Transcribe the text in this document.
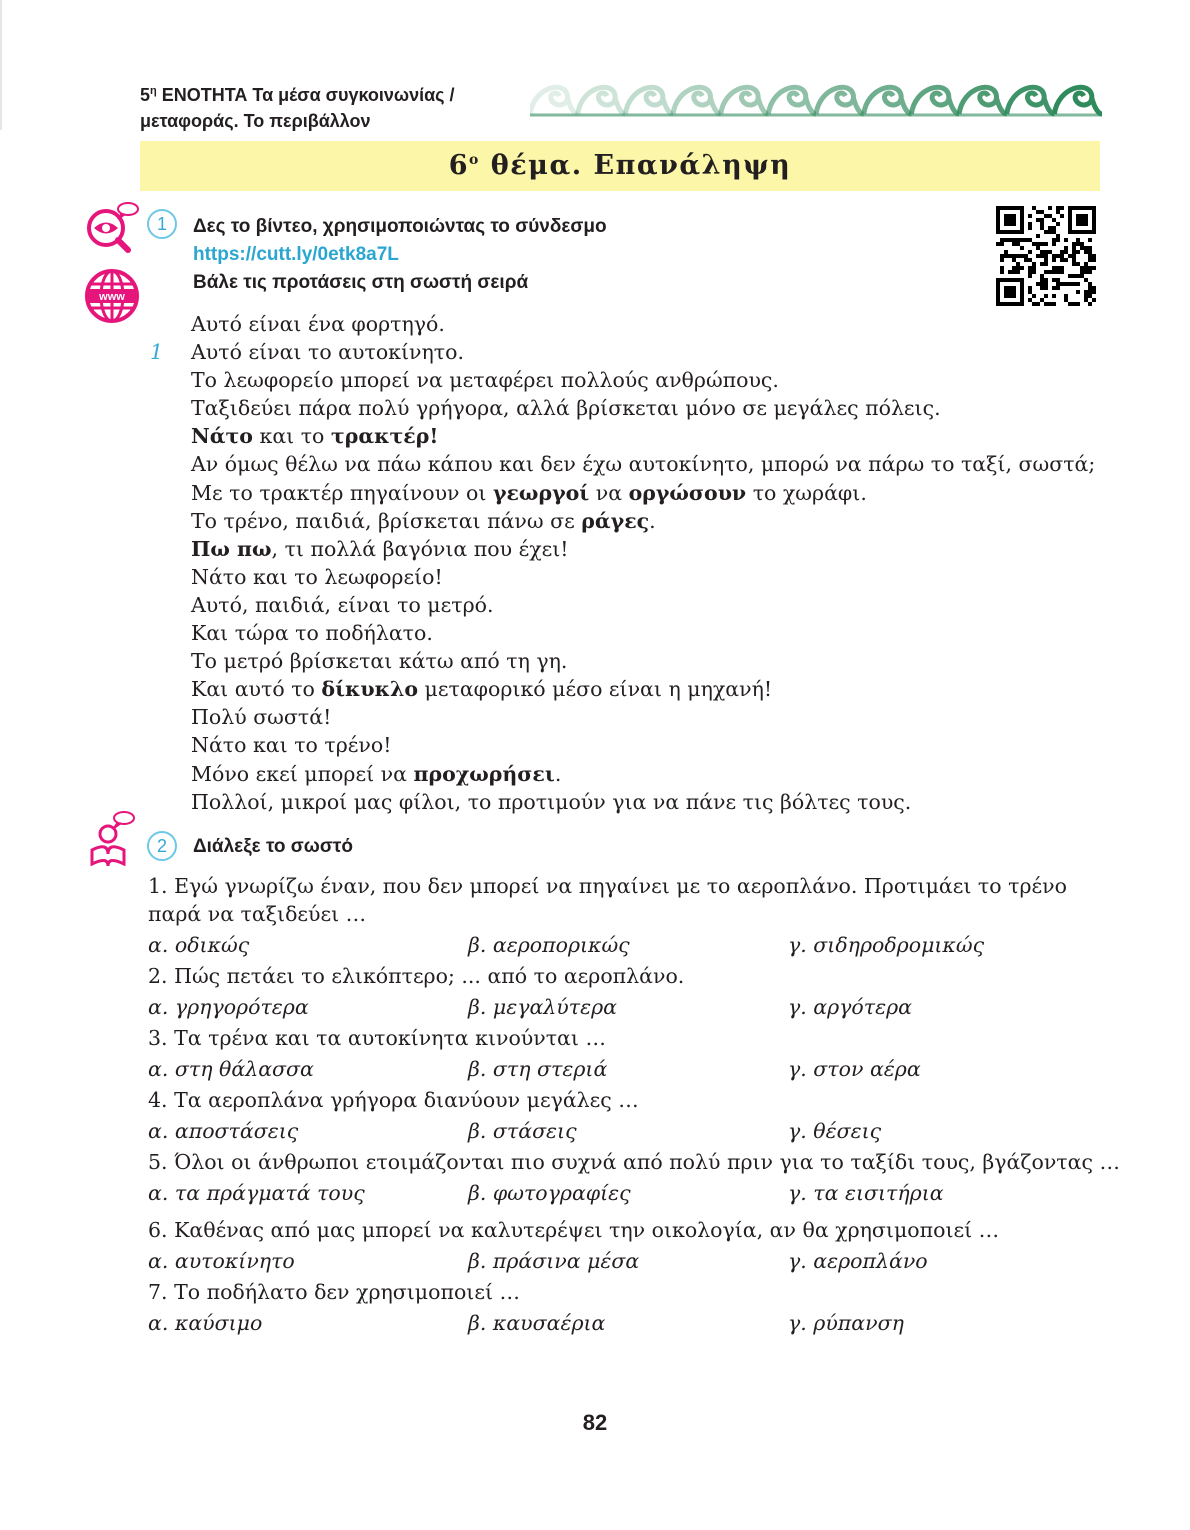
$5^\eta$ ΕΝΟΤΗΤΑ Τα μέσα συγκοινωνίας /
μεταφοράς. Το περιβάλλον
$6^o$ θέμα. Επανάληψη
www
1	Δες το βίντεο, χρησιμοποιώντας το σύνδεσμο
https://cutt.ly/0etk8a7L
Βάλε τις προτάσεις στη σωστή σειρά
1
Αυτό είναι ένα φορτηγό.
Αυτό είναι το αυτοκίνητο.
Το λεωφορείο μπορεί να μεταφέρει πολλούς ανθρώπους.
Ταξιδεύει πάρα πολύ γρήγορα, αλλά βρίσκεται μόνο σε μεγάλες πόλεις.
Νάτο και το τρακτέρ!
Αν όμως θέλω να πάω κάπου και δεν έχω αυτοκίνητο, μπορώ να πάρω το ταξί, σωστά;
Με το τρακτέρ πηγαίνουν οι γεωργοί να οργώσουν το χωράφι.
Το τρένο, παιδιά, βρίσκεται πάνω σε ράγες.
Πω πω, τι πολλά βαγόνια που έχει!
Νάτο και το λεωφορείο!
Αυτό, παιδιά, είναι το μετρό.
Και τώρα το ποδήλατο.
Το μετρό βρίσκεται κάτω από τη γη.
Και αυτό το δίκυκλο μεταφορικό μέσο είναι η μηχανή!
Πολύ σωστά!
Νάτο και το τρένο!
Μόνο εκεί μπορεί να προχωρήσει.
Πολλοί, μικροί μας φίλοι, το προτιμούν για να πάνε τις βόλτες τους.
2	Διάλεξε το σωστό
1. Εγώ γνωρίζω έναν, που δεν μπορεί να πηγαίνει με το αεροπλάνο. Προτιμάει το τρένο παρά να ταξιδεύει …
α. οδικώς	β. αεροπορικώς	γ. σιδηροδρομικώς
2. Πώς πετάει το ελικόπτερο; ... από το αεροπλάνο.
α. γρηγορότερα	β. μεγαλύτερα	γ. αργότερα
3. Τα τρένα και τα αυτοκίνητα κινούνται …
α. στη θάλασσα	β. στη στεριά	γ. στον αέρα
4. Τα αεροπλάνα γρήγορα διανύουν μεγάλες …
α. αποστάσεις	β. στάσεις	γ. θέσεις
5. Όλοι οι άνθρωποι ετοιμάζονται πιο συχνά από πολύ πριν για το ταξίδι τους, βγάζοντας …
α. τα πράγματά τους	β. φωτογραφίες	γ. τα εισιτήρια
6. Καθένας από μας μπορεί να καλυτερέψει την οικολογία, αν θα χρησιμοποιεί …
α. αυτοκίνητο	β. πράσινα μέσα	γ. αεροπλάνο
7. Το ποδήλατο δεν χρησιμοποιεί …
α. καύσιμο	β. καυσαέρια	γ. ρύπανση
82
